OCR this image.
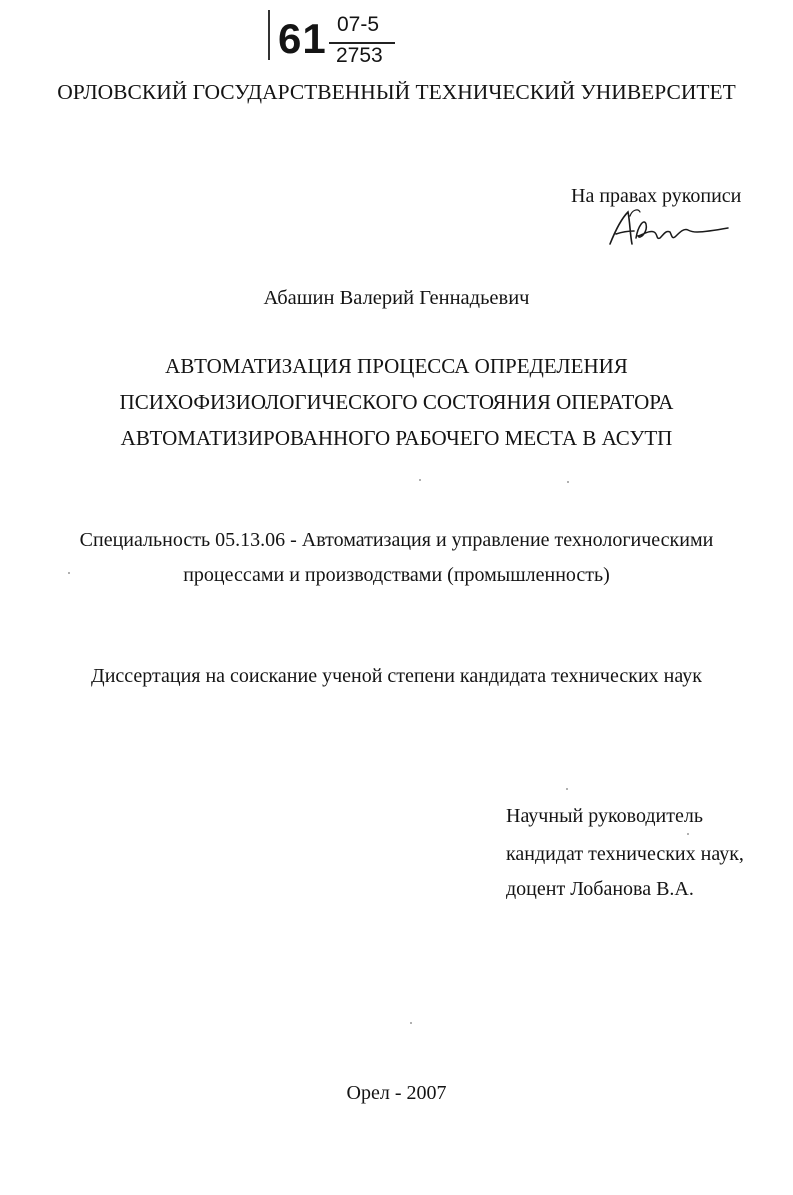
61 07-5
2753
ОРЛОВСКИЙ ГОСУДАРСТВЕННЫЙ ТЕХНИЧЕСКИЙ УНИВЕРСИТЕТ
На правах рукописи
Абашин Валерий Геннадьевич
АВТОМАТИЗАЦИЯ ПРОЦЕССА ОПРЕДЕЛЕНИЯ
ПСИХОФИЗИОЛОГИЧЕСКОГО СОСТОЯНИЯ ОПЕРАТОРА
АВТОМАТИЗИРОВАННОГО РАБОЧЕГО МЕСТА В АСУТП
Специальность 05.13.06 - Автоматизация и управление технологическими
процессами и производствами (промышленность)
Диссертация на соискание ученой степени кандидата технических наук
Научный руководитель
кандидат технических наук,
доцент Лобанова В.А.
Орел - 2007
